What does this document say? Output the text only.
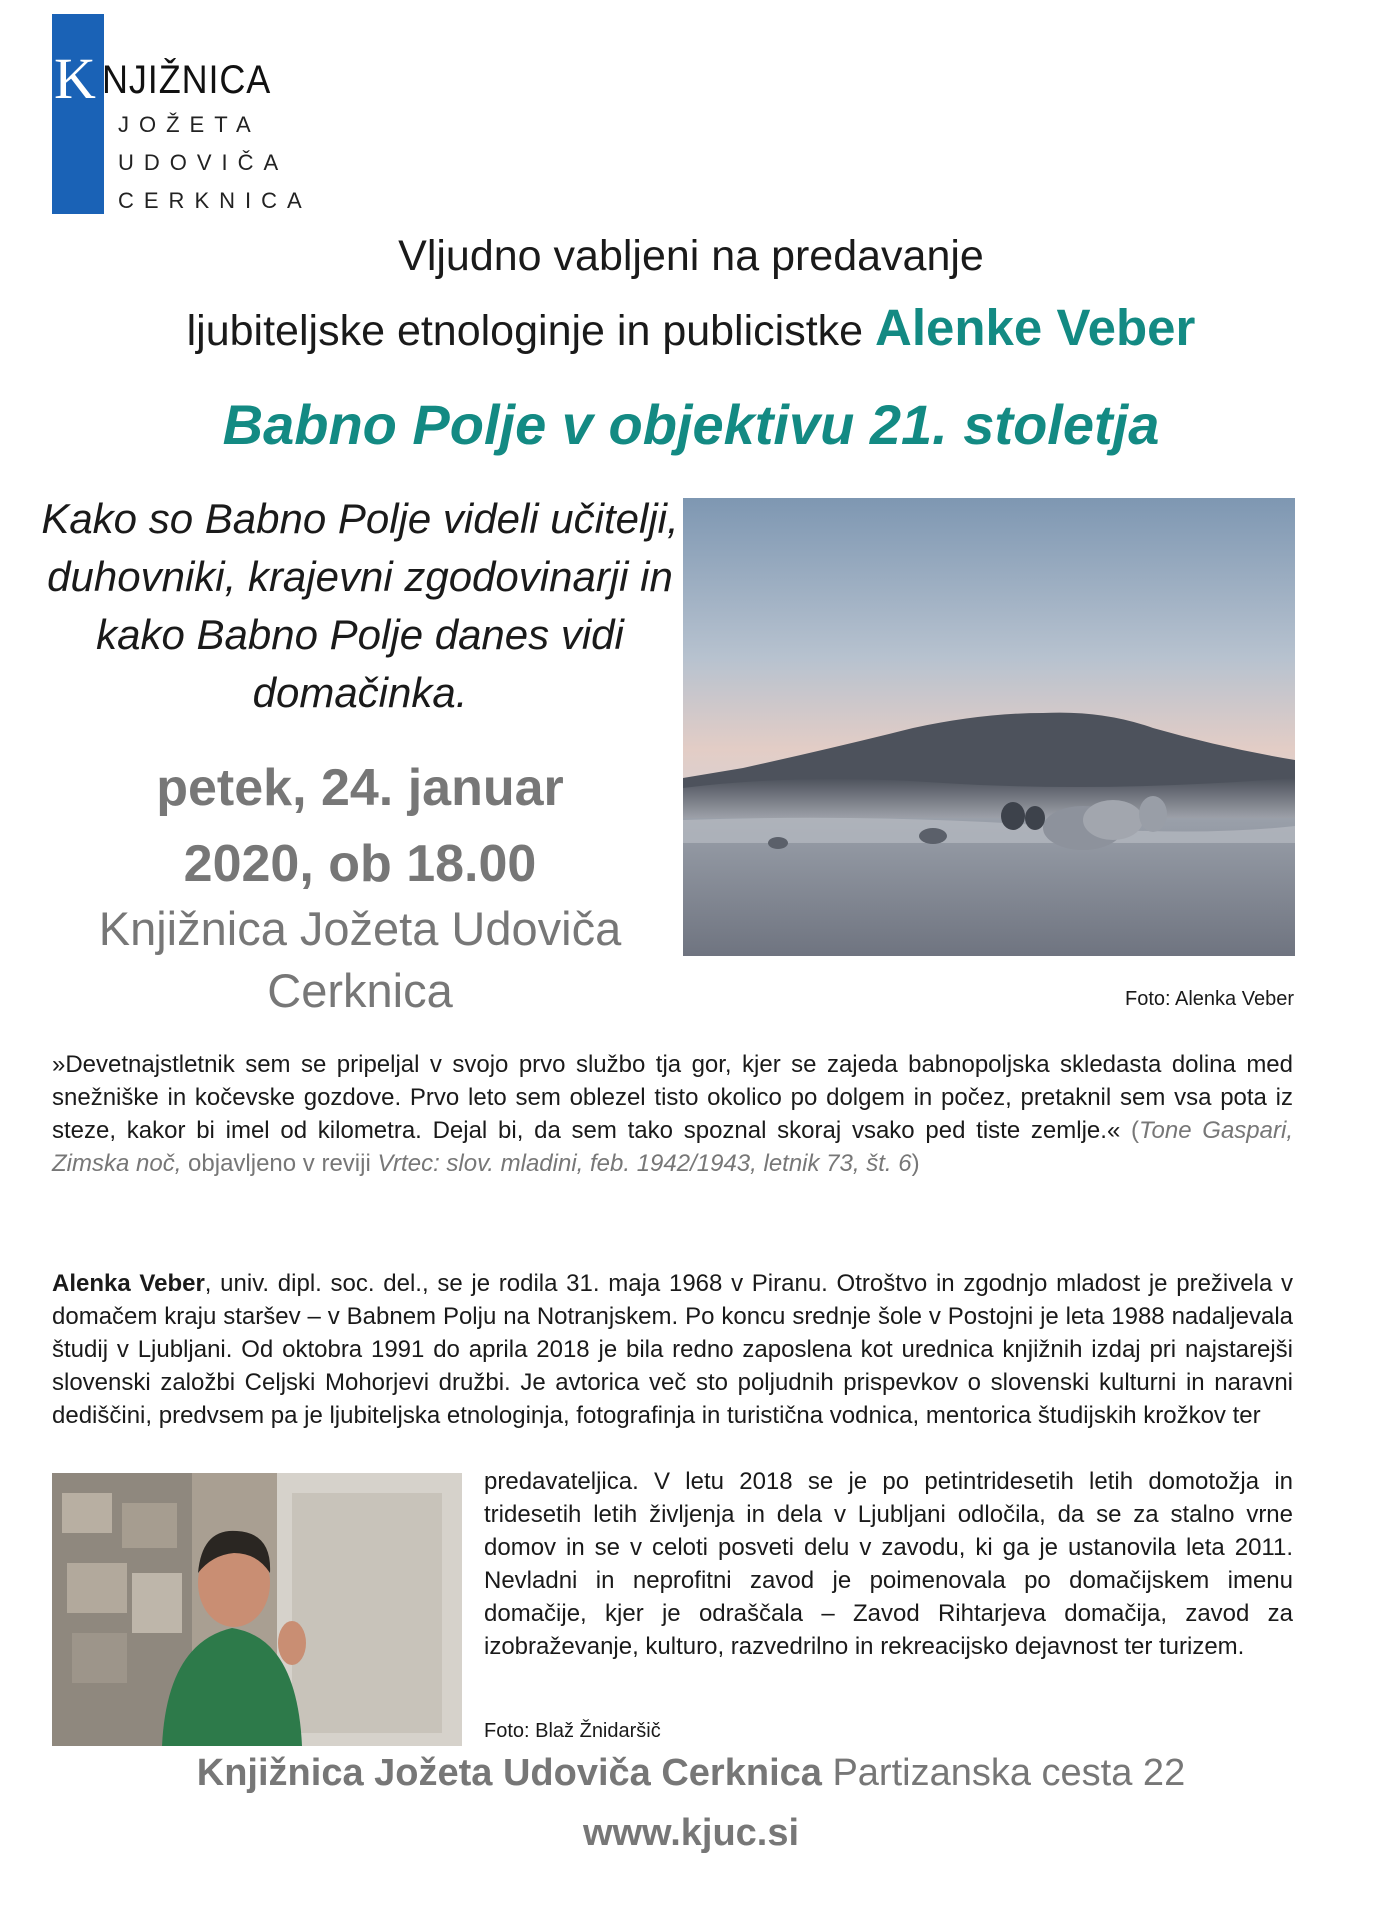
K NJIŽNICA
JOŽETA
UDOVIČA
CERKNICA
Vljudno vabljeni na predavanje
ljubiteljske etnologinje in publicistke Alenke Veber
Babno Polje v objektivu 21. stoletja
Kako so Babno Polje videli učitelji, duhovniki, krajevni zgodovinarji in kako Babno Polje danes vidi domačinka.
petek, 24. januar
2020, ob 18.00
Knjižnica Jožeta Udoviča
Cerknica	Foto: Alenka Veber
»Devetnajstletnik sem se pripeljal v svojo prvo službo tja gor, kjer se zajeda babnopoljska skledasta dolina med snežniške in kočevske gozdove. Prvo leto sem oblezel tisto okolico po dolgem in počez, pretaknil sem vsa pota iz steze, kakor bi imel od kilometra. Dejal bi, da sem tako spoznal skoraj vsako ped tiste zemlje.« (Tone Gaspari, Zimska noč, objavljeno v reviji Vrtec: slov. mladini, feb. 1942/1943, letnik 73, št. 6)
Alenka Veber, univ. dipl. soc. del., se je rodila 31. maja 1968 v Piranu. Otroštvo in zgodnjo mladost je preživela v domačem kraju staršev – v Babnem Polju na Notranjskem. Po koncu srednje šole v Postojni je leta 1988 nadaljevala študij v Ljubljani. Od oktobra 1991 do aprila 2018 je bila redno zaposlena kot urednica knjižnih izdaj pri najstarejši slovenski založbi Celjski Mohorjevi družbi. Je avtorica več sto poljudnih prispevkov o slovenski kulturni in naravni dediščini, predvsem pa je ljubiteljska etnologinja, fotografinja in turistična vodnica, mentorica študijskih krožkov ter
predavateljica. V letu 2018 se je po petintridesetih letih domotožja in tridesetih letih življenja in dela v Ljubljani odločila, da se za stalno vrne domov in se v celoti posveti delu v zavodu, ki ga je ustanovila leta 2011. Nevladni in neprofitni zavod je poimenovala po domačijskem imenu domačije, kjer je odraščala – Zavod Rihtarjeva domačija, zavod za izobraževanje, kulturo, razvedrilno in rekreacijsko dejavnost ter turizem.
Foto: Blaž Žnidaršič
Knjižnica Jožeta Udoviča Cerknica Partizanska cesta 22
www.kjuc.si
